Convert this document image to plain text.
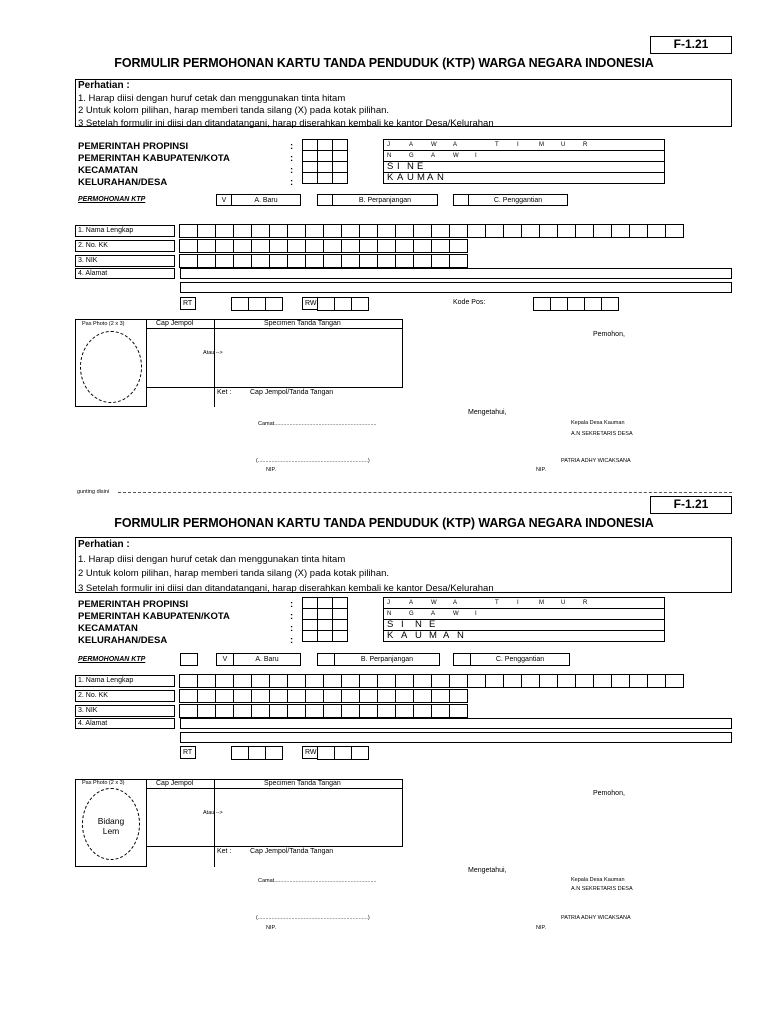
F-1.21
FORMULIR PERMOHONAN KARTU TANDA PENDUDUK (KTP) WARGA NEGARA INDONESIA
Perhatian :
1. Harap diisi dengan huruf cetak dan menggunakan tinta hitam
2 Untuk kolom pilihan, harap memberi tanda silang (X) pada kotak pilihan.
3 Setelah formulir ini diisi dan ditandatangani, harap diserahkan kembali ke kantor Desa/Kelurahan
PEMERINTAH PROPINSI
PEMERINTAH KABUPATEN/KOTA
KECAMATAN
KELURAHAN/DESA
:
:
:
:
J	A	W	A	T	I	M	U	R
N	G	A	W	I
S I N E
K A U M A N
PERMOHONAN KTP	V	A. Baru	B. Perpanjangan	C. Penggantian
1. Nama Lengkap
2. No. KK
3. NIK
4. Alamat
RT	RW	Kode Pos:
Pas Photo (2 x 3)	Cap Jempol	Specimen Tanda Tangan
Atau -->
Ket :	Cap Jempol/Tanda Tangan
Pemohon,
Mengetahui,
Camat...................................................................	Kepala Desa Kauman
A.N SEKRETARIS DESA
(........................................................................)	PATRIA ADHY WICAKSANA
NIP.	NIP.
gunting disini
F-1.21
FORMULIR PERMOHONAN KARTU TANDA PENDUDUK (KTP) WARGA NEGARA INDONESIA
Perhatian :
1. Harap diisi dengan huruf cetak dan menggunakan tinta hitam
2 Untuk kolom pilihan, harap memberi tanda silang (X) pada kotak pilihan.
3 Setelah formulir ini diisi dan ditandatangani, harap diserahkan kembali ke kantor Desa/Kelurahan
PEMERINTAH PROPINSI
PEMERINTAH KABUPATEN/KOTA
KECAMATAN
KELURAHAN/DESA
:
:
:
:
J	A	W	A	T	I	M	U	R
N	G	A	W	I
S I N E
K A U M A N
PERMOHONAN KTP	V	A. Baru	B. Perpanjangan	C. Penggantian
1. Nama Lengkap
2. No. KK
3. NIK
4. Alamat
RT	RW
Pas Photo (2 x 3)
Bidang
Lem
Cap Jempol	Specimen Tanda Tangan
Atau -->
Ket :	Cap Jempol/Tanda Tangan
Pemohon,
Mengetahui,
Camat...................................................................	Kepala Desa Kauman
A.N SEKRETARIS DESA
(........................................................................)	PATRIA ADHY WICAKSANA
NIP.	NIP.
